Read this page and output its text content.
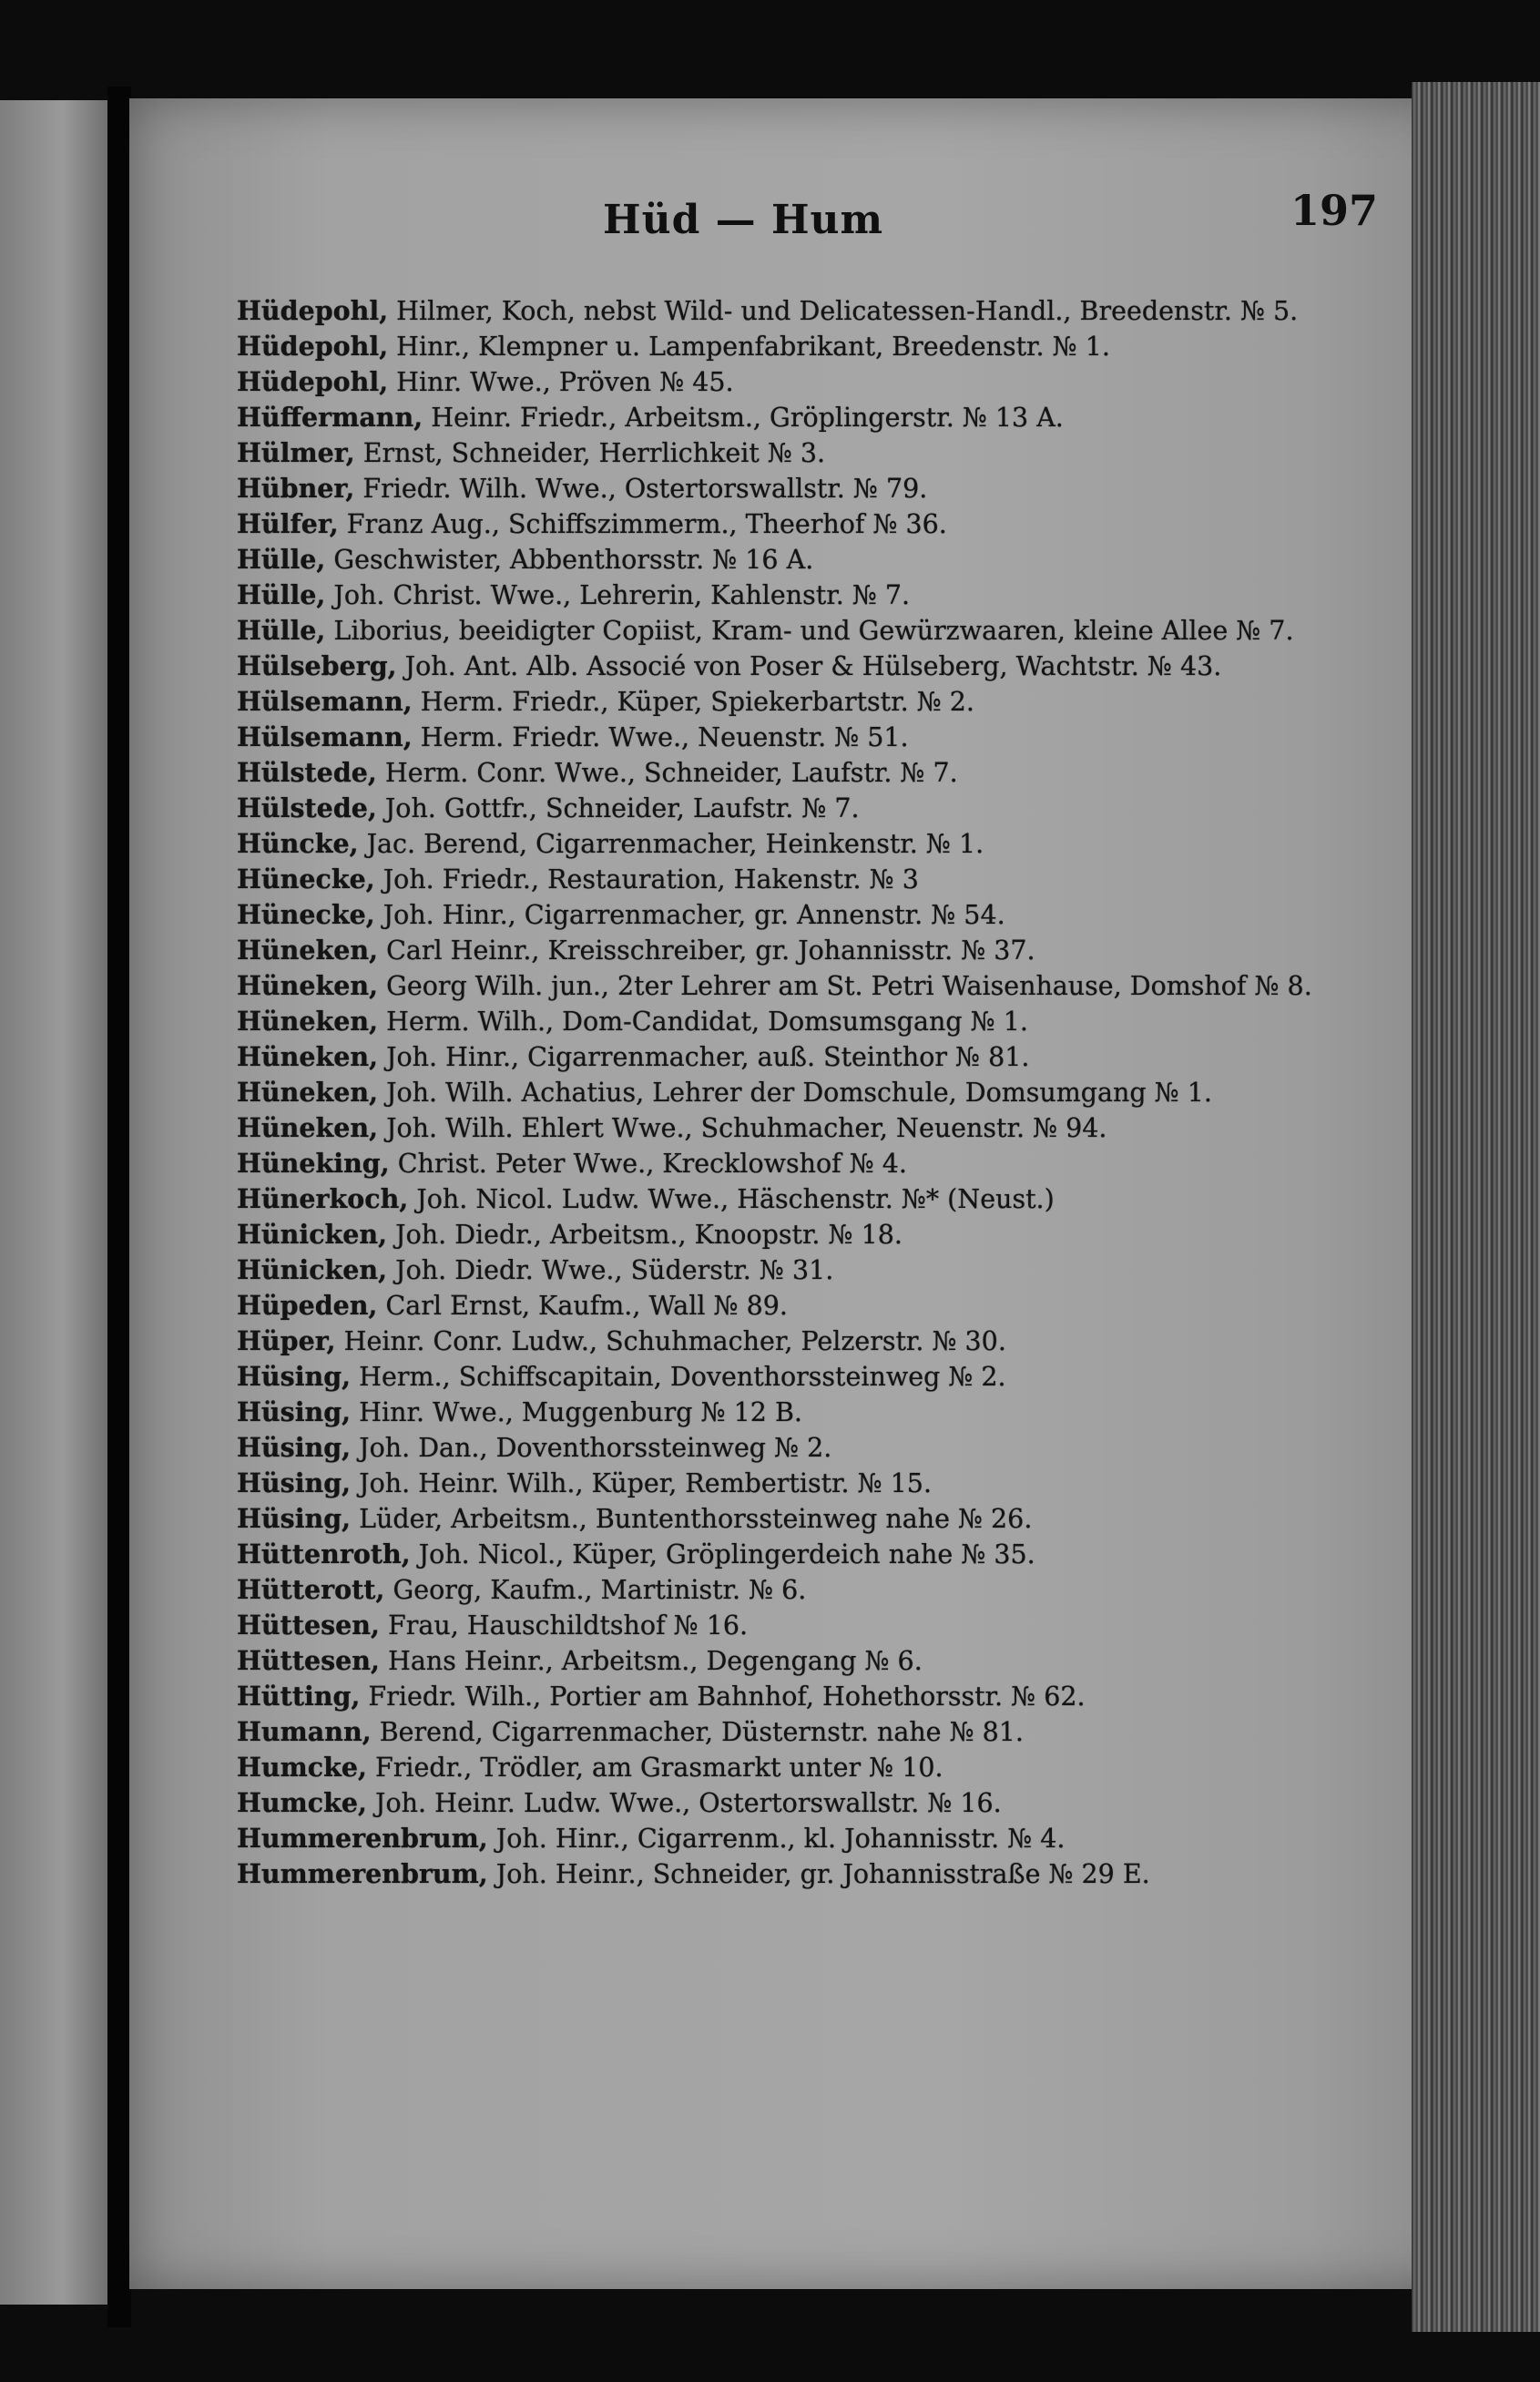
Hüd — Hum	197
Hüdepohl, Hilmer, Koch, nebst Wild- und Delicatessen-Handl., Breedenstr. № 5.
Hüdepohl, Hinr., Klempner u. Lampenfabrikant, Breedenstr. № 1.
Hüdepohl, Hinr. Wwe., Pröven № 45.
Hüffermann, Heinr. Friedr., Arbeitsm., Gröplingerstr. № 13 A.
Hülmer, Ernst, Schneider, Herrlichkeit № 3.
Hübner, Friedr. Wilh. Wwe., Ostertorswallstr. № 79.
Hülfer, Franz Aug., Schiffszimmerm., Theerhof № 36.
Hülle, Geschwister, Abbenthorsstr. № 16 A.
Hülle, Joh. Christ. Wwe., Lehrerin, Kahlenstr. № 7.
Hülle, Liborius, beeidigter Copiist, Kram- und Gewürzwaaren, kleine Allee № 7.
Hülseberg, Joh. Ant. Alb. Associé von Poser & Hülseberg, Wachtstr. № 43.
Hülsemann, Herm. Friedr., Küper, Spiekerbartstr. № 2.
Hülsemann, Herm. Friedr. Wwe., Neuenstr. № 51.
Hülstede, Herm. Conr. Wwe., Schneider, Laufstr. № 7.
Hülstede, Joh. Gottfr., Schneider, Laufstr. № 7.
Hüncke, Jac. Berend, Cigarrenmacher, Heinkenstr. № 1.
Hünecke, Joh. Friedr., Restauration, Hakenstr. № 3
Hünecke, Joh. Hinr., Cigarrenmacher, gr. Annenstr. № 54.
Hüneken, Carl Heinr., Kreisschreiber, gr. Johannisstr. № 37.
Hüneken, Georg Wilh. jun., 2ter Lehrer am St. Petri Waisenhause, Domshof № 8.
Hüneken, Herm. Wilh., Dom-Candidat, Domsumsgang № 1.
Hüneken, Joh. Hinr., Cigarrenmacher, auß. Steinthor № 81.
Hüneken, Joh. Wilh. Achatius, Lehrer der Domschule, Domsumgang № 1.
Hüneken, Joh. Wilh. Ehlert Wwe., Schuhmacher, Neuenstr. № 94.
Hüneking, Christ. Peter Wwe., Krecklowshof № 4.
Hünerkoch, Joh. Nicol. Ludw. Wwe., Häschenstr. №* (Neust.)
Hünicken, Joh. Diedr., Arbeitsm., Knoopstr. № 18.
Hünicken, Joh. Diedr. Wwe., Süderstr. № 31.
Hüpeden, Carl Ernst, Kaufm., Wall № 89.
Hüper, Heinr. Conr. Ludw., Schuhmacher, Pelzerstr. № 30.
Hüsing, Herm., Schiffscapitain, Doventhorssteinweg № 2.
Hüsing, Hinr. Wwe., Muggenburg № 12 B.
Hüsing, Joh. Dan., Doventhorssteinweg № 2.
Hüsing, Joh. Heinr. Wilh., Küper, Rembertistr. № 15.
Hüsing, Lüder, Arbeitsm., Buntenthorssteinweg nahe № 26.
Hüttenroth, Joh. Nicol., Küper, Gröplingerdeich nahe № 35.
Hütterott, Georg, Kaufm., Martinistr. № 6.
Hüttesen, Frau, Hauschildtshof № 16.
Hüttesen, Hans Heinr., Arbeitsm., Degengang № 6.
Hütting, Friedr. Wilh., Portier am Bahnhof, Hohethorsstr. № 62.
Humann, Berend, Cigarrenmacher, Düsternstr. nahe № 81.
Humcke, Friedr., Trödler, am Grasmarkt unter № 10.
Humcke, Joh. Heinr. Ludw. Wwe., Ostertorswallstr. № 16.
Hummerenbrum, Joh. Hinr., Cigarrenm., kl. Johannisstr. № 4.
Hummerenbrum, Joh. Heinr., Schneider, gr. Johannisstraße № 29 E.
